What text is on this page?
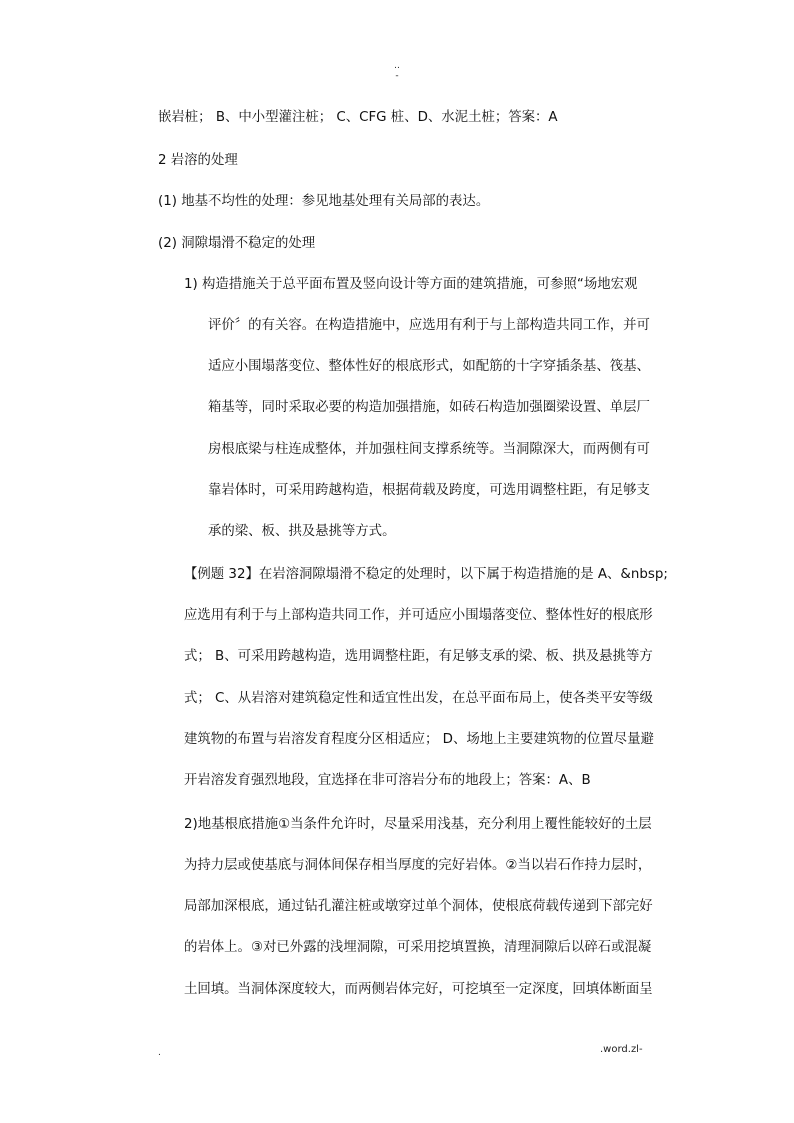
..
-
嵌岩桩； B、中小型灌注桩； C、CFG 桩、D、水泥土桩；答案：A
2 岩溶的处理
(1) 地基不均性的处理：参见地基处理有关局部的表达。
(2) 洞隙塌滑不稳定的处理
1) 构造措施关于总平面布置及竖向设计等方面的建筑措施，可参照“场地宏观
评价〞的有关容。在构造措施中，应选用有利于与上部构造共同工作，并可
适应小围塌落变位、整体性好的根底形式，如配筋的十字穿插条基、筏基、
箱基等，同时采取必要的构造加强措施，如砖石构造加强圈梁设置、单层厂
房根底梁与柱连成整体，并加强柱间支撑系统等。当洞隙深大，而两侧有可
靠岩体时，可采用跨越构造，根据荷载及跨度，可选用调整柱距，有足够支
承的梁、板、拱及悬挑等方式。
【例题 32】在岩溶洞隙塌滑不稳定的处理时，以下属于构造措施的是 A、&nbsp;
应选用有利于与上部构造共同工作，并可适应小围塌落变位、整体性好的根底形
式； B、可采用跨越构造，选用调整柱距，有足够支承的梁、板、拱及悬挑等方
式； C、从岩溶对建筑稳定性和适宜性出发，在总平面布局上，使各类平安等级
建筑物的布置与岩溶发育程度分区相适应； D、场地上主要建筑物的位置尽量避
开岩溶发育强烈地段，宜选择在非可溶岩分布的地段上；答案：A、B
2)地基根底措施①当条件允许时，尽量采用浅基，充分利用上覆性能较好的土层
为持力层或使基底与洞体间保存相当厚度的完好岩体。②当以岩石作持力层时，
局部加深根底，通过钻孔灌注桩或墩穿过单个洞体，使根底荷载传递到下部完好
的岩体上。③对已外露的浅埋洞隙，可采用挖填置换，清理洞隙后以碎石或混凝
土回填。当洞体深度较大，而两侧岩体完好，可挖填至一定深度，回填体断面呈
.	.word.zl-
